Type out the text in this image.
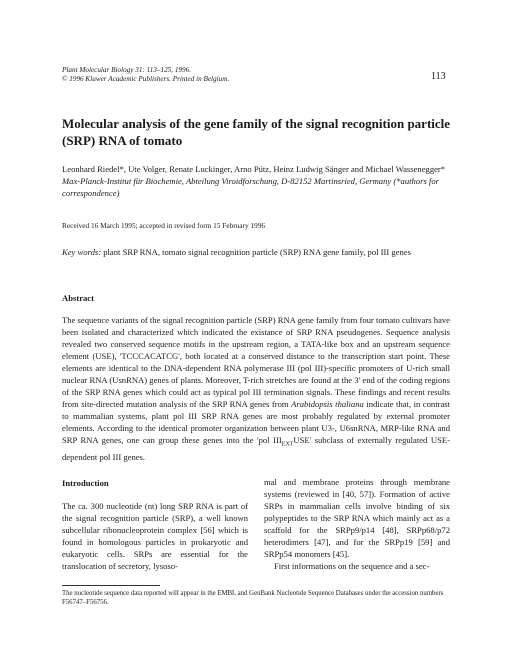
Plant Molecular Biology 31: 113–125, 1996.
© 1996 Kluwer Academic Publishers. Printed in Belgium.	113
Molecular analysis of the gene family of the signal recognition particle (SRP) RNA of tomato
Leonhard Riedel*, Ute Volger, Renate Luckinger, Arno Pütz, Heinz Ludwig Sänger and Michael Wassenegger*
Max-Planck-Institut für Biochemie, Abteilung Viroidforschung, D-82152 Martinsried, Germany (*authors for correspondence)
Received 16 March 1995; accepted in revised form 15 February 1996
Key words: plant SRP RNA, tomato signal recognition particle (SRP) RNA gene family, pol III genes
Abstract
The sequence variants of the signal recognition particle (SRP) RNA gene family from four tomato cultivars have been isolated and characterized which indicated the existance of SRP RNA pseudogenes. Sequence analysis revealed two conserved sequence motifs in the upstream region, a TATA-like box and an upstream sequence element (USE), 'TCCCACATCG', both located at a conserved distance to the transcription start point. These elements are identical to the DNA-dependent RNA polymerase III (pol III)-specific promoters of U-rich small nuclear RNA (UsnRNA) genes of plants. Moreover, T-rich stretches are found at the 3' end of the coding regions of the SRP RNA genes which could act as typical pol III termination signals. These findings and recent results from site-directed mutation analysis of the SRP RNA genes from Arabidopsis thaliana indicate that, in contrast to mammalian systems, plant pol III SRP RNA genes are most probably regulated by external promoter elements. According to the identical promoter organization between plant U3-, U6snRNA, MRP-like RNA and SRP RNA genes, one can group these genes into the 'pol $III_{EXT}USE'$ subclass of externally regulated USE-dependent pol III genes.
Introduction
The ca. 300 nucleotide (nt) long SRP RNA is part of the signal recognition particle (SRP), a well known subcellular ribonucleoprotein complex [56] which is found in homologous particles in prokaryotic and eukaryotic cells. SRPs are essential for the translocation of secretory, lysoso-
mal and membrane proteins through membrane systems (reviewed in [40, 57]). Formation of active SRPs in mammalian cells involve binding of six polypeptides to the SRP RNA which mainly act as a scaffold for the SRPp9/p14 [48], SRPp68/p72 heterodimers [47], and for the SRPp19 [59] and SRPp54 monomers [45].
First informations on the sequence and a sec-
The nucleotide sequence data reported will appear in the EMBL and GenBank Nucleotide Sequence Databases under the accession numbers F56747–F56756.
